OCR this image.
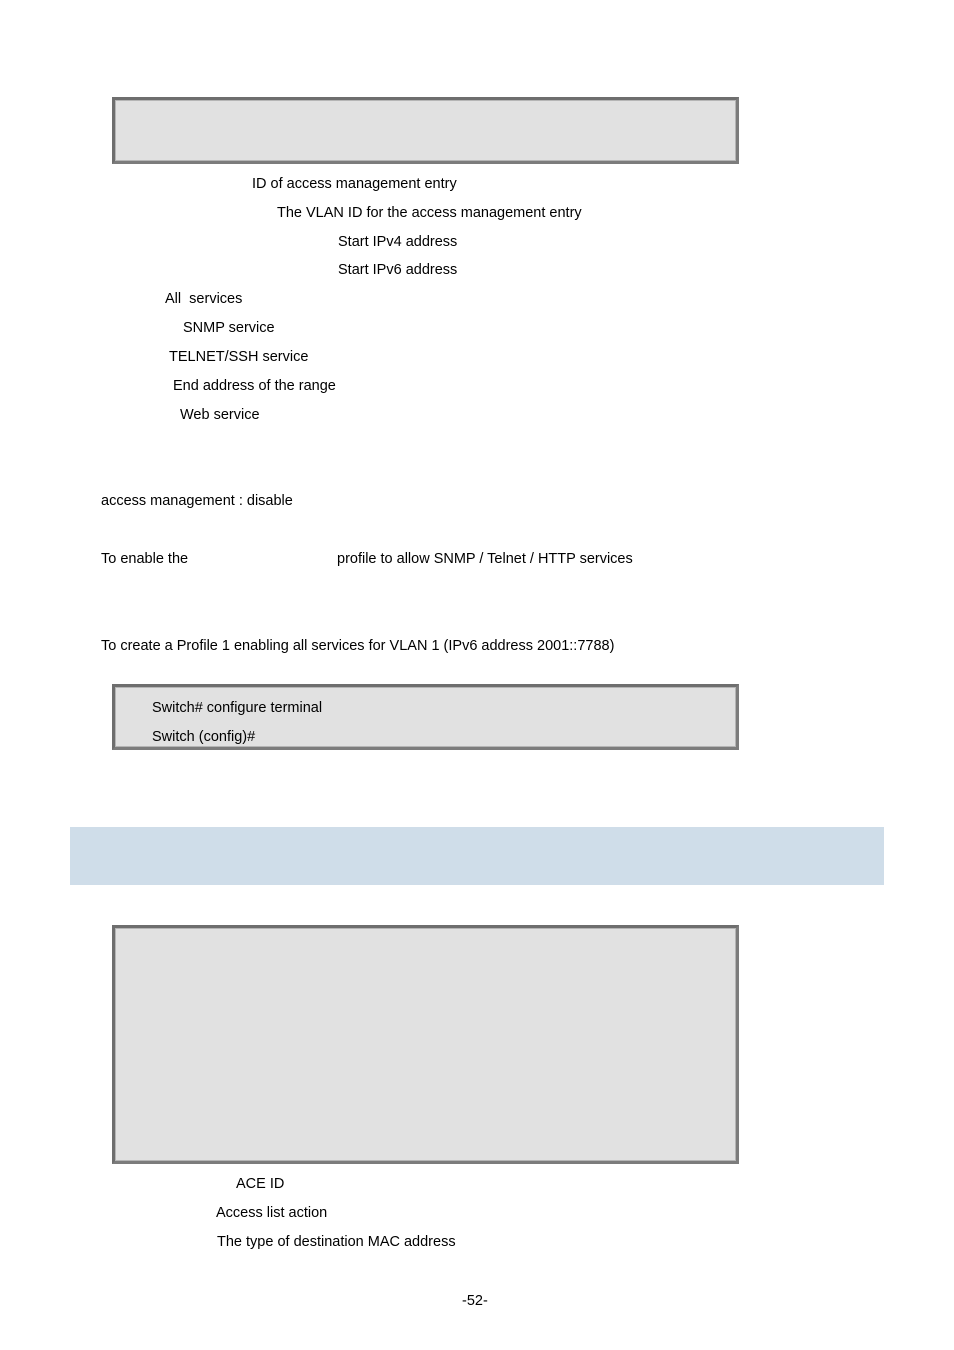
ID of access management entry
The VLAN ID for the access management entry
Start IPv4 address
Start IPv6 address
All  services
SNMP service
TELNET/SSH service
End address of the range
Web service
access management : disable
To enable the	profile to allow SNMP / Telnet / HTTP services
To create a Profile 1 enabling all services for VLAN 1 (IPv6 address 2001::7788)
Switch# configure terminal
Switch (config)#
ACE ID
Access list action
The type of destination MAC address
-52-
